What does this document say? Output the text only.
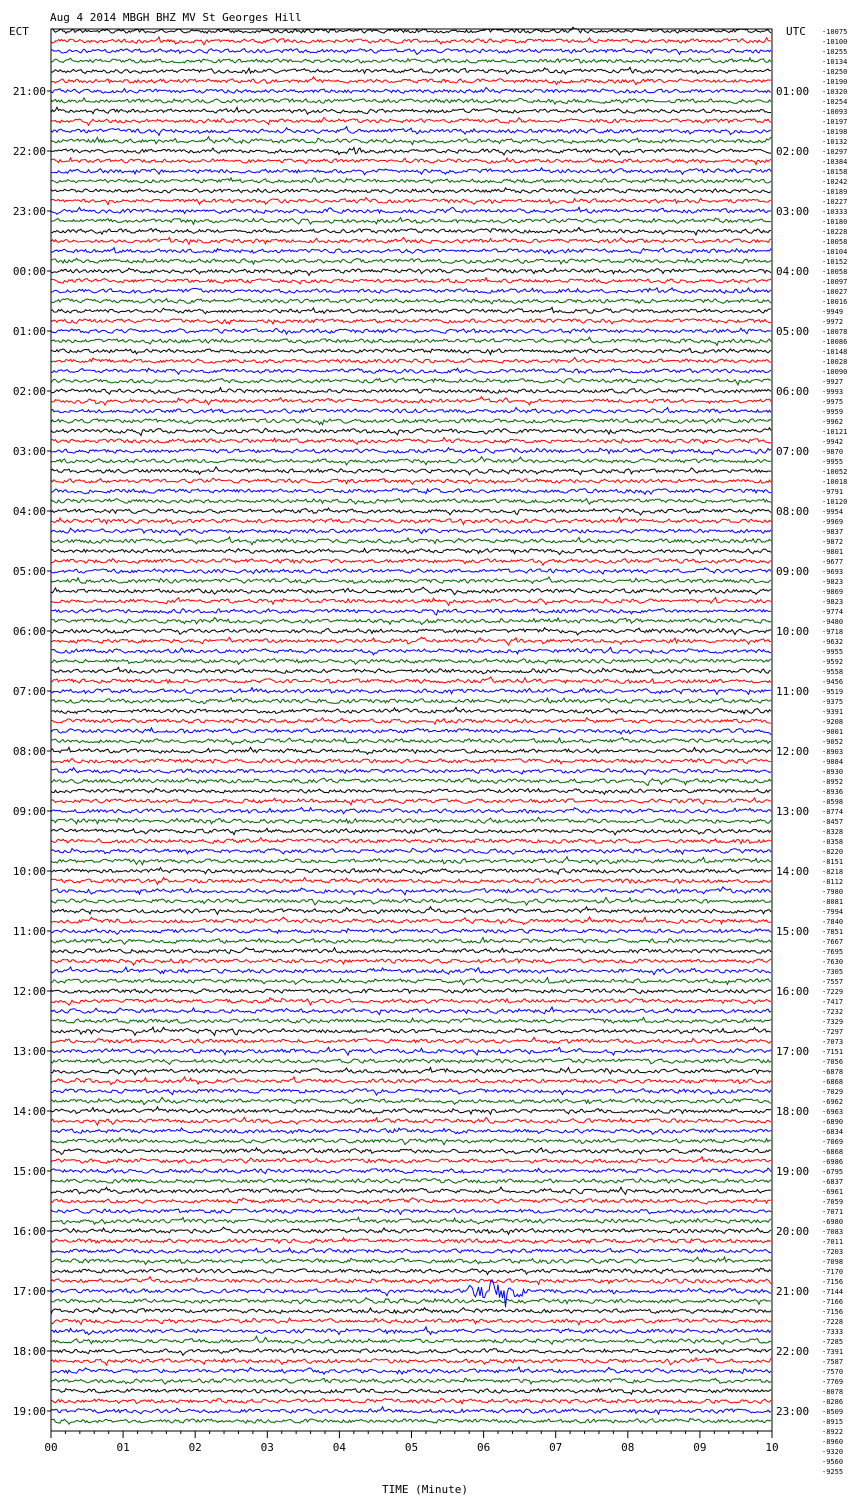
Aug 4 2014 MBGH BHZ MV St Georges Hill
ECT	UTC
21:00
22:00
23:00
00:00
01:00
02:00
03:00
04:00
05:00
06:00
07:00
08:00
09:00
10:00
11:00
12:00
13:00
14:00
15:00
16:00
17:00
18:00
19:00
01:00
02:00
03:00
04:00
05:00
06:00
07:00
08:00
09:00
10:00
11:00
12:00
13:00
14:00
15:00
16:00
17:00
18:00
19:00
20:00
21:00
22:00
23:00
-10075
-10100
-10255
-10134
-10250
-10190
-10320
-10254
-10093
-10197
-10198
-10132
-10297
-10384
-10158
-10242
-10189
-10227
-10333
-10180
-10228
-10058
-10104
-10152
-10058
-10097
-10027
-10016
-9949
-9972
-10078
-10086
-10148
-10028
-10090
-9927
-9993
-9975
-9959
-9962
-10121
-9942
-9870
-9955
-10052
-10018
-9791
-10120
-9954
-9969
-9837
-9872
-9801
-9677
-9693
-9823
-9869
-9823
-9774
-9480
-9718
-9632
-9955
-9592
-9558
-9456
-9519
-9375
-9391
-9208
-9001
-9052
-8903
-9084
-8930
-8952
-8936
-8598
-8774
-8457
-8328
-8358
-8220
-8151
-8218
-8112
-7980
-8081
-7994
-7840
-7851
-7667
-7695
-7630
-7305
-7557
-7229
-7417
-7232
-7329
-7297
-7073
-7151
-7056
-6878
-6868
-7029
-6962
-6963
-6890
-6834
-7069
-6868
-6986
-6795
-6837
-6961
-7059
-7071
-6980
-7083
-7011
-7203
-7098
-7170
-7156
-7144
-7166
-7156
-7228
-7333
-7285
-7391
-7587
-7570
-7769
-8078
-8286
-8509
-8915
-8922
-8960
-9320
-9560
-9255
00	01	02	03	04	05	06	07	08	09	10
TIME (Minute)
